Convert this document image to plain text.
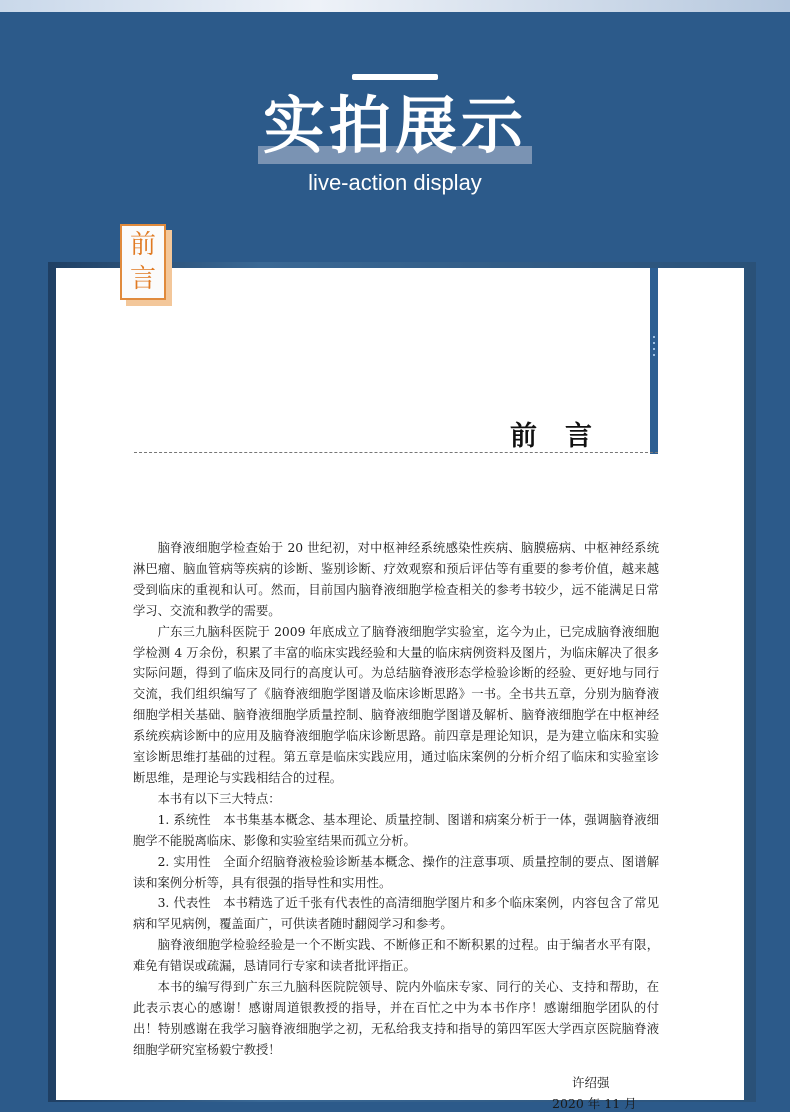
实拍展示
live-action display
前
言
前言

脑脊液细胞学检查始于 20 世纪初，对中枢神经系统感染性疾病、脑膜癌病、中枢神经系统淋巴瘤、脑血管病等疾病的诊断、鉴别诊断、疗效观察和预后评估等有重要的参考价值，越来越受到临床的重视和认可。然而，目前国内脑脊液细胞学检查相关的参考书较少，远不能满足日常学习、交流和教学的需要。

广东三九脑科医院于 2009 年底成立了脑脊液细胞学实验室，迄今为止，已完成脑脊液细胞学检测 4 万余份，积累了丰富的临床实践经验和大量的临床病例资料及图片，为临床解决了很多实际问题，得到了临床及同行的高度认可。为总结脑脊液形态学检验诊断的经验、更好地与同行交流，我们组织编写了《脑脊液细胞学图谱及临床诊断思路》一书。全书共五章，分别为脑脊液细胞学相关基础、脑脊液细胞学质量控制、脑脊液细胞学图谱及解析、脑脊液细胞学在中枢神经系统疾病诊断中的应用及脑脊液细胞学临床诊断思路。前四章是理论知识，是为建立临床和实验室诊断思维打基础的过程。第五章是临床实践应用，通过临床案例的分析介绍了临床和实验室诊断思维，是理论与实践相结合的过程。

本书有以下三大特点：

1. 系统性　本书集基本概念、基本理论、质量控制、图谱和病案分析于一体，强调脑脊液细胞学不能脱离临床、影像和实验室结果而孤立分析。

2. 实用性　全面介绍脑脊液检验诊断基本概念、操作的注意事项、质量控制的要点、图谱解读和案例分析等，具有很强的指导性和实用性。

3. 代表性　本书精选了近千张有代表性的高清细胞学图片和多个临床案例，内容包含了常见病和罕见病例，覆盖面广，可供读者随时翻阅学习和参考。

脑脊液细胞学检验经验是一个不断实践、不断修正和不断积累的过程。由于编者水平有限，难免有错误或疏漏，恳请同行专家和读者批评指正。

本书的编写得到广东三九脑科医院院领导、院内外临床专家、同行的关心、支持和帮助，在此表示衷心的感谢！感谢周道银教授的指导，并在百忙之中为本书作序！感谢细胞学团队的付出！特别感谢在我学习脑脊液细胞学之初，无私给我支持和指导的第四军医大学西京医院脑脊液细胞学研究室杨毅宁教授！

许绍强
2020 年 11 月
